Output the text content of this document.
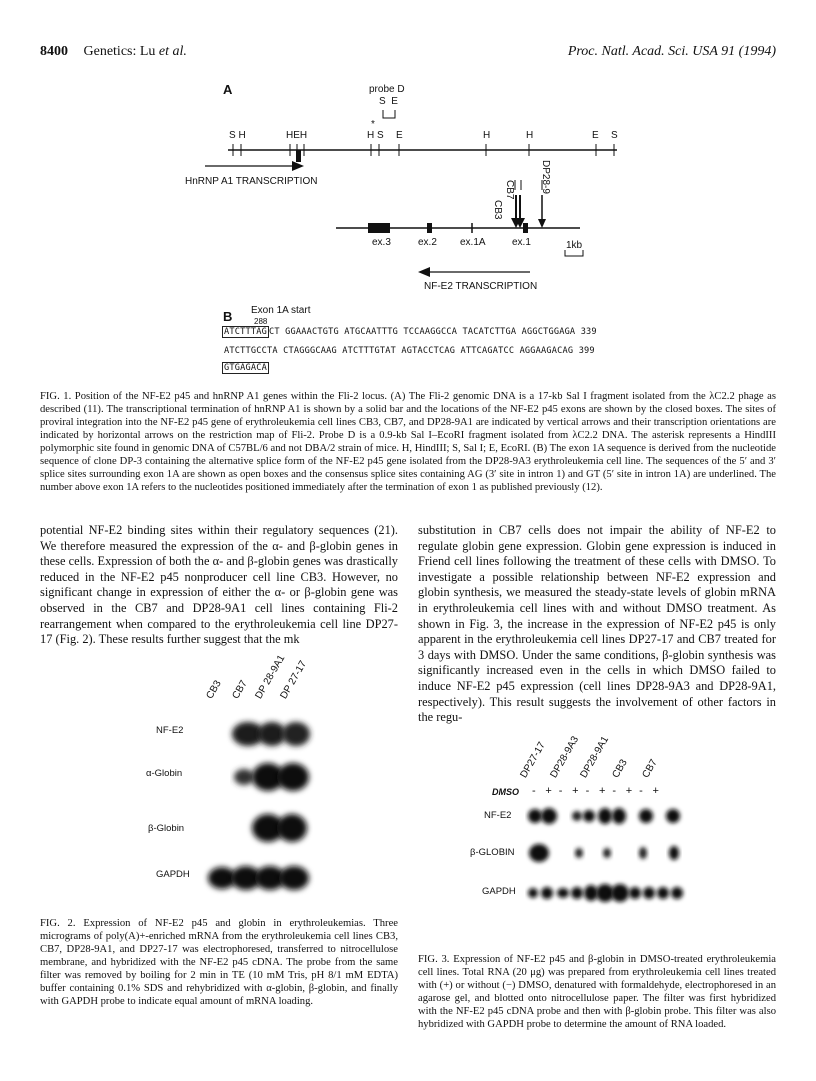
8400 Genetics: Lu et al.	Proc. Natl. Acad. Sci. USA 91 (1994)
A	probe D
S  E
S H	HEH
*
H S E	H	H	E S
HnRNP A1 TRANSCRIPTION
CB3
CB7	DP28-9
ex.3	ex.2 ex.1A	ex.1	1kb
NF-E2 TRANSCRIPTION
B Exon 1A start
288
ATCTTTAG CT GGAAACTGTG ATGCAATTTG TCCAAGGCCA TACATCTTGA AGGCTGGAGA 339
ATCTTGCCTA CTAGGGCAAG ATCTTTGTAT AGTACCTCAG ATTCAGATCC AGGAAGACAG 399
GTGAGACA
FIG. 1. Position of the NF-E2 p45 and hnRNP A1 genes within the Fli-2 locus. (A) The Fli-2 genomic DNA is a 17-kb Sal I fragment isolated from the λC2.2 phage as described (11). The transcriptional termination of hnRNP A1 is shown by a solid bar and the locations of the NF-E2 p45 exons are shown by the closed boxes. The sites of proviral integration into the NF-E2 p45 gene of erythroleukemia cell lines CB3, CB7, and DP28-9A1 are indicated by vertical arrows and their transcription orientations are indicated by horizontal arrows on the restriction map of Fli-2. Probe D is a 0.9-kb Sal I–EcoRI fragment isolated from λC2.2 DNA. The asterisk represents a HindIII polymorphic site found in genomic DNA of C57BL/6 and not DBA/2 strain of mice. H, HindIII; S, Sal I; E, EcoRI. (B) The exon 1A sequence is derived from the nucleotide sequence of clone DP-3 containing the alternative splice form of the NF-E2 p45 gene isolated from the DP28-9A3 erythroleukemia cell line. The sequences of the 5′ and 3′ splice sites surrounding exon 1A are shown as open boxes and the consensus splice sites containing AG (3′ site in intron 1) and GT (5′ site in intron 1A) are underlined. The number above exon 1A refers to the nucleotides positioned immediately after the termination of exon 1 as published previously (12).
potential NF-E2 binding sites within their regulatory sequences (21). We therefore measured the expression of the α- and β-globin genes in these cells. Expression of both the α- and β-globin genes was drastically reduced in the NF-E2 p45 nonproducer cell line CB3. However, no significant change in expression of either the α- or β-globin gene was observed in the CB7 and DP28-9A1 cell lines containing Fli-2 rearrangement when compared to the erythroleukemia cell line DP27-17 (Fig. 2). These results further suggest that the mk
substitution in CB7 cells does not impair the ability of NF-E2 to regulate globin gene expression. Globin gene expression is induced in Friend cell lines following the treatment of these cells with DMSO. To investigate a possible relationship between NF-E2 expression and globin synthesis, we measured the steady-state levels of globin mRNA in erythroleukemia cell lines with and without DMSO treatment. As shown in Fig. 3, the increase in the expression of NF-E2 p45 is only apparent in the erythroleukemia cell lines DP27-17 and CB7 treated for 3 days with DMSO. Under the same conditions, β-globin synthesis was significantly increased even in the cells in which DMSO failed to induce NF-E2 p45 expression (cell lines DP28-9A3 and DP28-9A1, respectively). This result suggests the involvement of other factors in the regu-
CB3 CB7 DP 28-9A1
DP 27-17
NF-E2
α-Globin
β-Globin
GAPDH
FIG. 2. Expression of NF-E2 p45 and globin in erythroleukemias. Three micrograms of poly(A)+-enriched mRNA from the erythroleukemia cell lines CB3, CB7, DP28-9A1, and DP27-17 was electrophoresed, transferred to nitrocellulose membrane, and hybridized with the NF-E2 p45 cDNA. The probe from the same filter was removed by boiling for 2 min in TE (10 mM Tris, pH 8/1 mM EDTA) buffer containing 0.1% SDS and rehybridized with α-globin, β-globin, and finally with GAPDH probe to indicate equal amount of mRNA loading.
DP27-17 DP28-9A3
DP28-9A1 CB3 CB7
DMSO - + - + - + - + - +
NF-E2
β-GLOBIN
GAPDH
FIG. 3. Expression of NF-E2 p45 and β-globin in DMSO-treated erythroleukemia cell lines. Total RNA (20 μg) was prepared from erythroleukemia cell lines treated with (+) or without (−) DMSO, denatured with formaldehyde, electrophoresed in an agarose gel, and blotted onto nitrocellulose paper. The filter was first hybridized with the NF-E2 p45 cDNA probe and then with β-globin probe. This filter was also hybridized with GAPDH probe to determine the amount of RNA loaded.
